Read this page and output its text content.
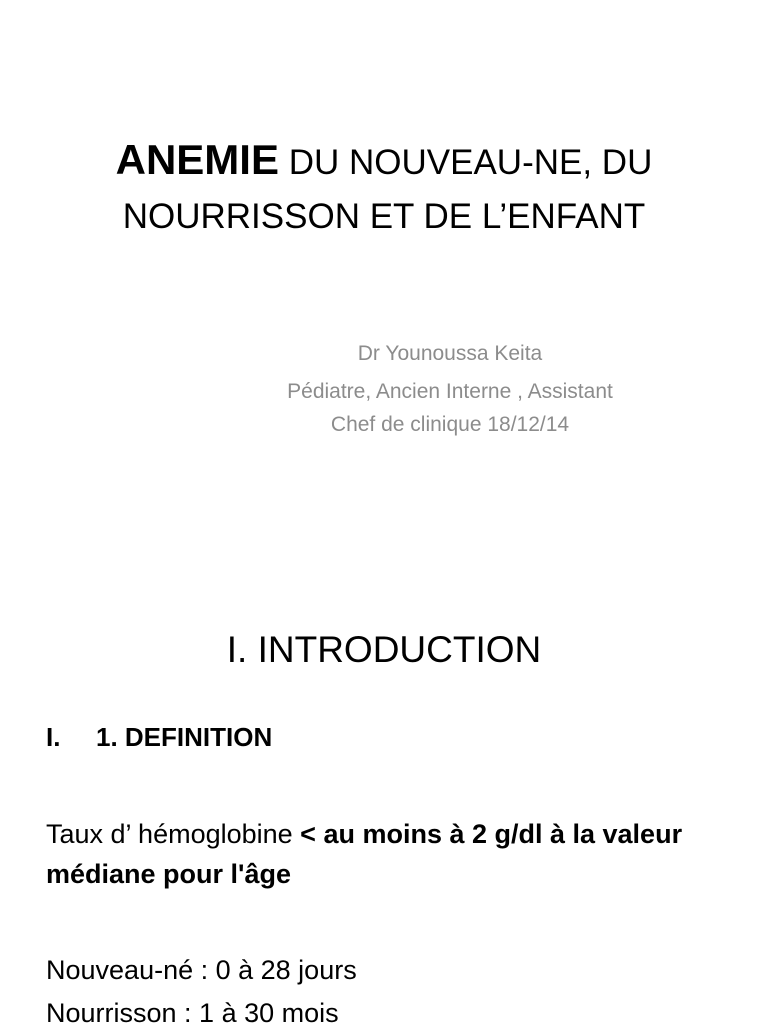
ANEMIE DU NOUVEAU-NE, DU
NOURRISSON ET DE L’ENFANT
Dr Younoussa Keita
Pédiatre, Ancien Interne , Assistant
Chef de clinique 18/12/14
I. INTRODUCTION
I. 1. DEFINITION
Taux d’ hémoglobine < au moins à 2 g/dl à la valeur médiane pour l'âge
Nouveau-né : 0 à 28 jours
Nourrisson : 1 à 30 mois
